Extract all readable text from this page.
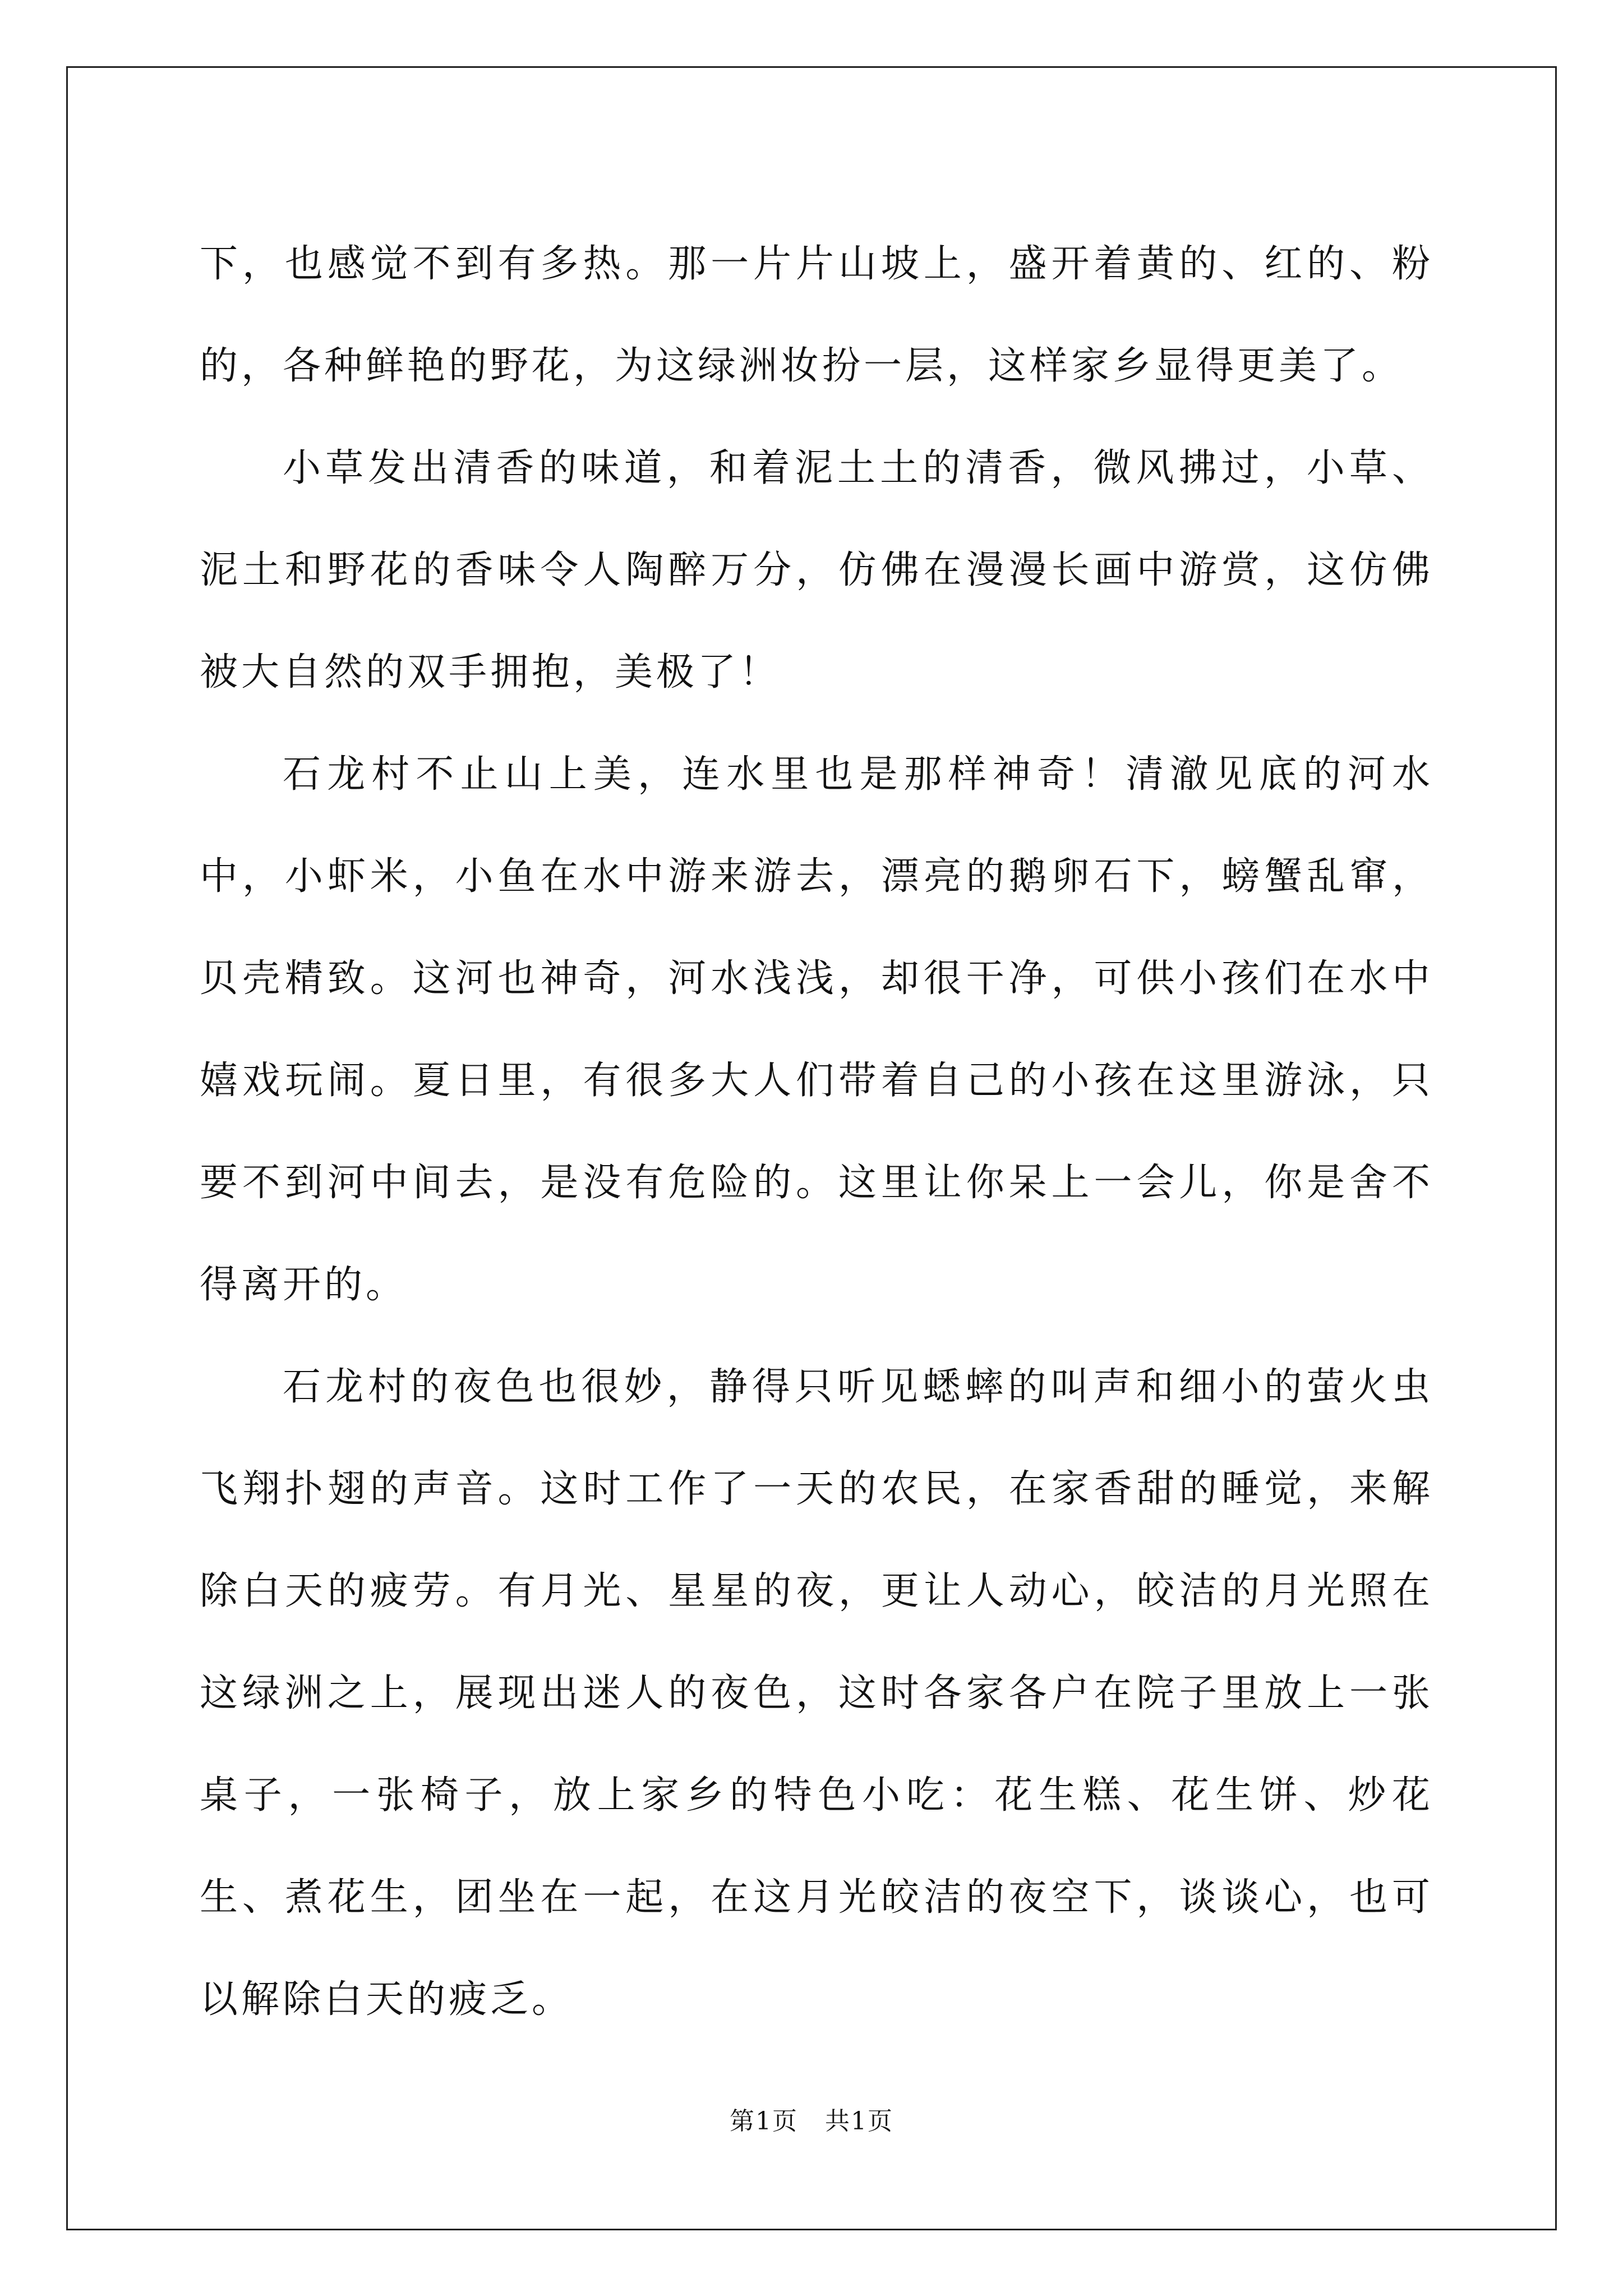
下，也感觉不到有多热。那一片片山坡上，盛开着黄的、红的、粉的，各种鲜艳的野花，为这绿洲妆扮一层，这样家乡显得更美了。

小草发出清香的味道，和着泥土土的清香，微风拂过，小草、泥土和野花的香味令人陶醉万分，仿佛在漫漫长画中游赏，这仿佛被大自然的双手拥抱，美极了！

石龙村不止山上美，连水里也是那样神奇！清澈见底的河水中，小虾米，小鱼在水中游来游去，漂亮的鹅卵石下，螃蟹乱窜，贝壳精致。这河也神奇，河水浅浅，却很干净，可供小孩们在水中嬉戏玩闹。夏日里，有很多大人们带着自己的小孩在这里游泳，只要不到河中间去，是没有危险的。这里让你呆上一会儿，你是舍不得离开的。

石龙村的夜色也很妙，静得只听见蟋蟀的叫声和细小的萤火虫飞翔扑翅的声音。这时工作了一天的农民，在家香甜的睡觉，来解除白天的疲劳。有月光、星星的夜，更让人动心，皎洁的月光照在这绿洲之上，展现出迷人的夜色，这时各家各户在院子里放上一张桌子，一张椅子，放上家乡的特色小吃：花生糕、花生饼、炒花生、煮花生，团坐在一起，在这月光皎洁的夜空下，谈谈心，也可以解除白天的疲乏。

第1页 共1页
